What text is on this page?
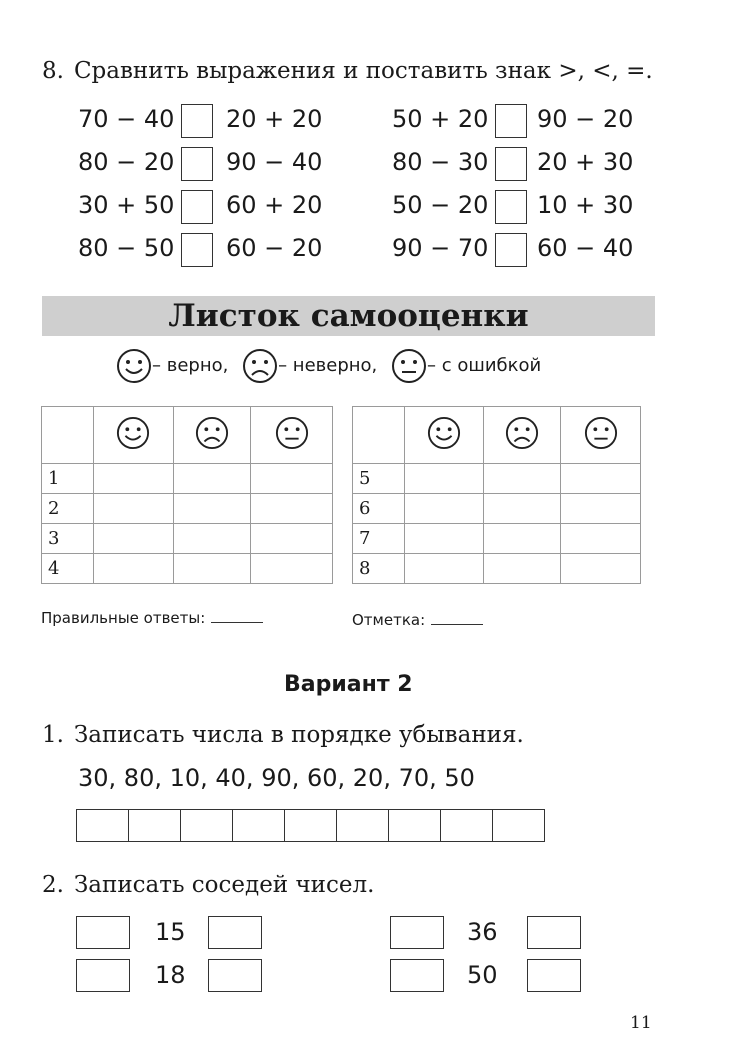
8. Сравнить выражения и поставить знак >, <, =.
70 − 40 20 + 20
80 − 20 90 − 40
30 + 50 60 + 20
80 − 50 60 − 20
50 + 20 90 − 20
80 − 30 20 + 30
50 − 20 10 + 30
90 − 70 60 − 40
Листок самооценки
– верно,	– неверно,	– с ошибкой

1			
2			
3			
4			

5			
6			
7			
8			
Правильные ответы:	Отметка:
Вариант 2
1. Записать числа в порядке убывания.
30, 80, 10, 40, 90, 60, 20, 70, 50
2. Записать соседей чисел.
15
18
36
50
11
